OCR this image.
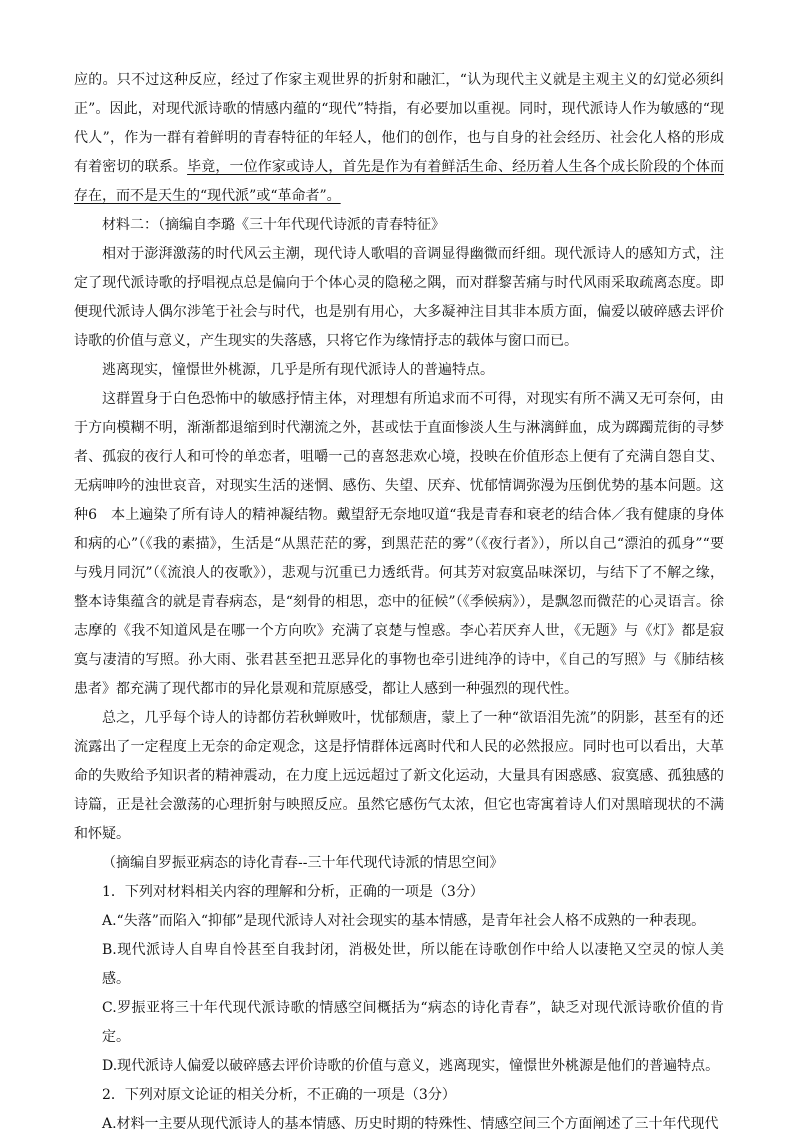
应的。只不过这种反应，经过了作家主观世界的折射和融汇，“认为现代主义就是主观主义的幻觉必须纠正”。因此，对现代派诗歌的情感内蕴的“现代”特指，有必要加以重视。同时，现代派诗人作为敏感的“现代人”，作为一群有着鲜明的青春特征的年轻人，他们的创作，也与自身的社会经历、社会化人格的形成有着密切的联系。毕竟，一位作家或诗人，首先是作为有着鲜活生命、经历着人生各个成长阶段的个体而存在，而不是天生的“现代派”或“革命者”。

材料二：（摘编自李璐《三十年代现代诗派的青春特征》

相对于澎湃激荡的时代风云主潮，现代诗人歌唱的音调显得幽微而纤细。现代派诗人的感知方式，注定了现代派诗歌的抒唱视点总是偏向于个体心灵的隐秘之隅，而对群黎苦痛与时代风雨采取疏离态度。即便现代派诗人偶尔涉笔于社会与时代，也是别有用心，大多凝神注目其非本质方面，偏爱以破碎感去评价诗歌的价值与意义，产生现实的失落感，只将它作为缘情抒志的载体与窗口而已。

逃离现实，憧憬世外桃源，几乎是所有现代派诗人的普遍特点。

这群置身于白色恐怖中的敏感抒情主体，对理想有所追求而不可得，对现实有所不满又无可奈何，由于方向模糊不明，渐渐都退缩到时代潮流之外，甚或怯于直面惨淡人生与淋漓鲜血，成为踯躅荒街的寻梦者、孤寂的夜行人和可怜的单恋者，咀嚼一己的喜怒悲欢心境，投映在价值形态上便有了充满自怨自艾、无病呻吟的浊世哀音，对现实生活的迷惘、感伤、失望、厌弃、忧郁情调弥漫为压倒优势的基本问题。这种6　本上遍染了所有诗人的精神凝结物。戴望舒无奈地叹道“我是青春和衰老的结合体／我有健康的身体和病的心”（《我的素描》，生活是“从黑茫茫的雾，到黑茫茫的雾”（《夜行者》），所以自己“漂泊的孤身”“要与残月同沉”（《流浪人的夜歌》），悲观与沉重已力透纸背。何其芳对寂寞品味深切，与结下了不解之缘，整本诗集蕴含的就是青春病态，是“刻骨的相思，恋中的征候”（《季候病》），是飘忽而微茫的心灵语言。徐志摩的《我不知道风是在哪一个方向吹》充满了哀楚与惶惑。李心若厌弃人世，《无题》与《灯》都是寂寞与凄清的写照。孙大雨、张君甚至把丑恶异化的事物也牵引进纯净的诗中，《自己的写照》与《肺结核患者》都充满了现代都市的异化景观和荒原感受，都让人感到一种强烈的现代性。

总之，几乎每个诗人的诗都仿若秋蝉败叶，忧郁颓唐，蒙上了一种“欲语泪先流”的阴影，甚至有的还流露出了一定程度上无奈的命定观念，这是抒情群体远离时代和人民的必然报应。同时也可以看出，大革命的失败给予知识者的精神震动，在力度上远远超过了新文化运动，大量具有困惑感、寂寞感、孤独感的诗篇，正是社会激荡的心理折射与映照反应。虽然它感伤气太浓，但它也寄寓着诗人们对黑暗现状的不满和怀疑。

（摘编自罗振亚病态的诗化青春--三十年代现代诗派的情思空间》

1．下列对材料相关内容的理解和分析，正确的一项是（3分）

A.“失落”而陷入“抑郁”是现代派诗人对社会现实的基本情感，是青年社会人格不成熟的一种表现。

B.现代派诗人自卑自怜甚至自我封闭，消极处世，所以能在诗歌创作中给人以凄艳又空灵的惊人美感。

C.罗振亚将三十年代现代派诗歌的情感空间概括为“病态的诗化青春”，缺乏对现代派诗歌价值的肯定。

D.现代派诗人偏爱以破碎感去评价诗歌的价值与意义，逃离现实，憧憬世外桃源是他们的普遍特点。

2．下列对原文论证的相关分析，不正确的一项是（3分）

A.材料一主要从现代派诗人的基本情感、历史时期的特殊性、情感空间三个方面阐述了三十年代现代
